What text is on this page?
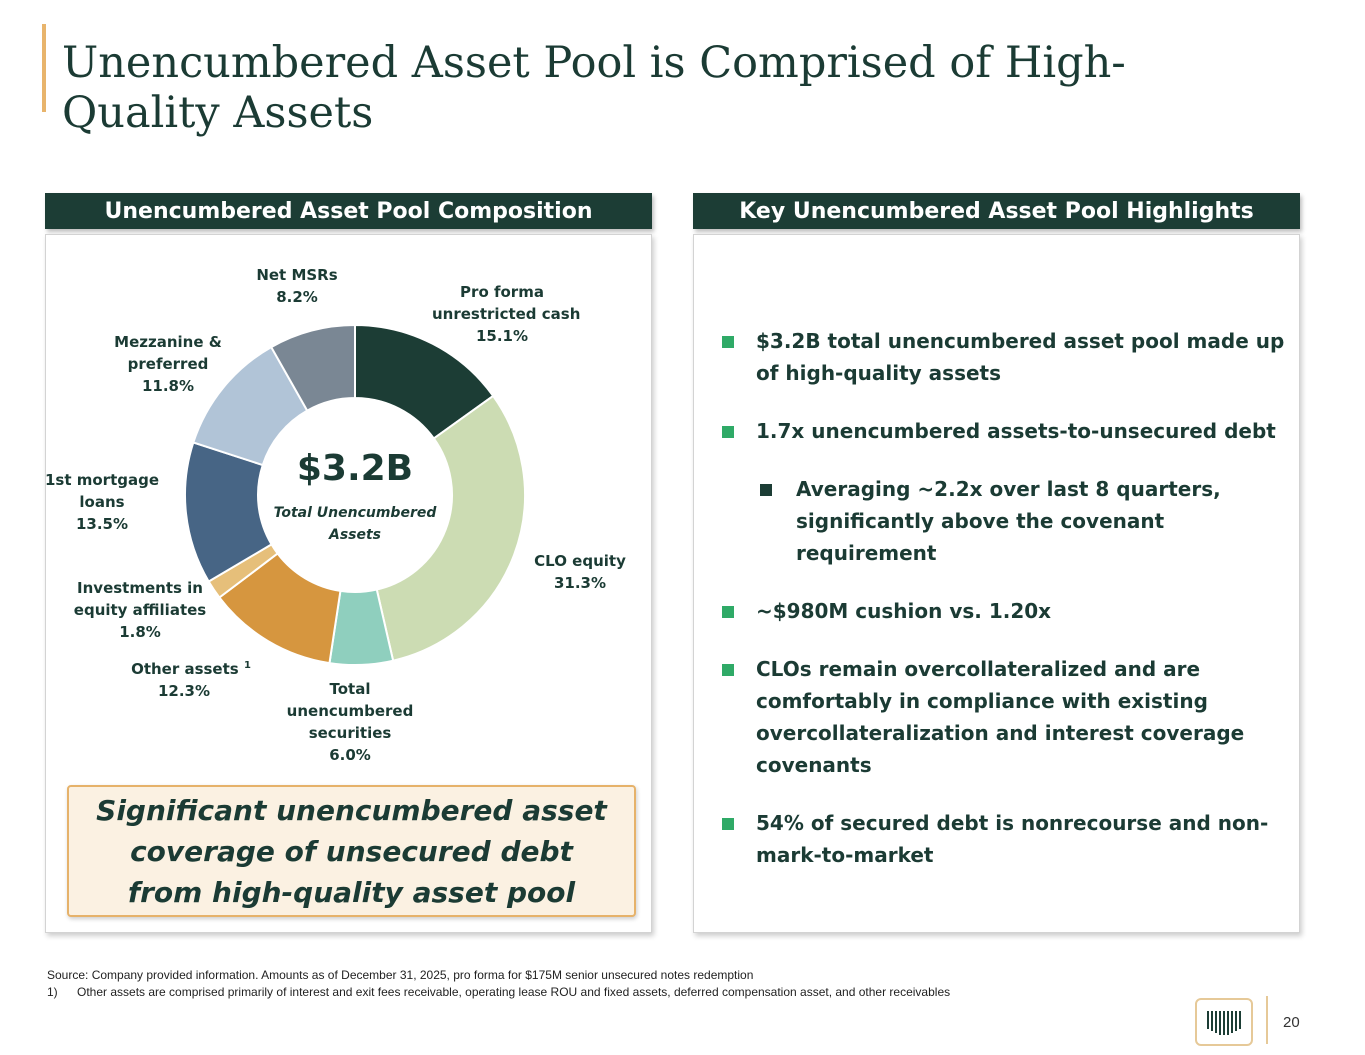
Unencumbered Asset Pool is Comprised of High-Quality Assets
Unencumbered Asset Pool Composition	Key Unencumbered Asset Pool Highlights
$3.2B
Total Unencumbered Assets
Pro forma
unrestricted cash
15.1%
CLO equity
31.3%
Total
unencumbered
securities
6.0%
Other assets $^1$
12.3%
Investments in
equity affiliates
1.8%
1st mortgage
loans
13.5%
Mezzanine &
preferred
11.8%
Net MSRs
8.2%
Significant unencumbered asset coverage of unsecured debt from high-quality asset pool
$3.2B total unencumbered asset pool made up of high-quality assets
1.7x unencumbered assets-to-unsecured debt
Averaging ~2.2x over last 8 quarters, significantly above the covenant requirement
~$980M cushion vs. 1.20x
CLOs remain overcollateralized and are comfortably in compliance with existing overcollateralization and interest coverage covenants
54% of secured debt is nonrecourse and non-mark-to-market
Source: Company provided information. Amounts as of December 31, 2025, pro forma for $175M senior unsecured notes redemption
1) Other assets are comprised primarily of interest and exit fees receivable, operating lease ROU and fixed assets, deferred compensation asset, and other receivables
20
